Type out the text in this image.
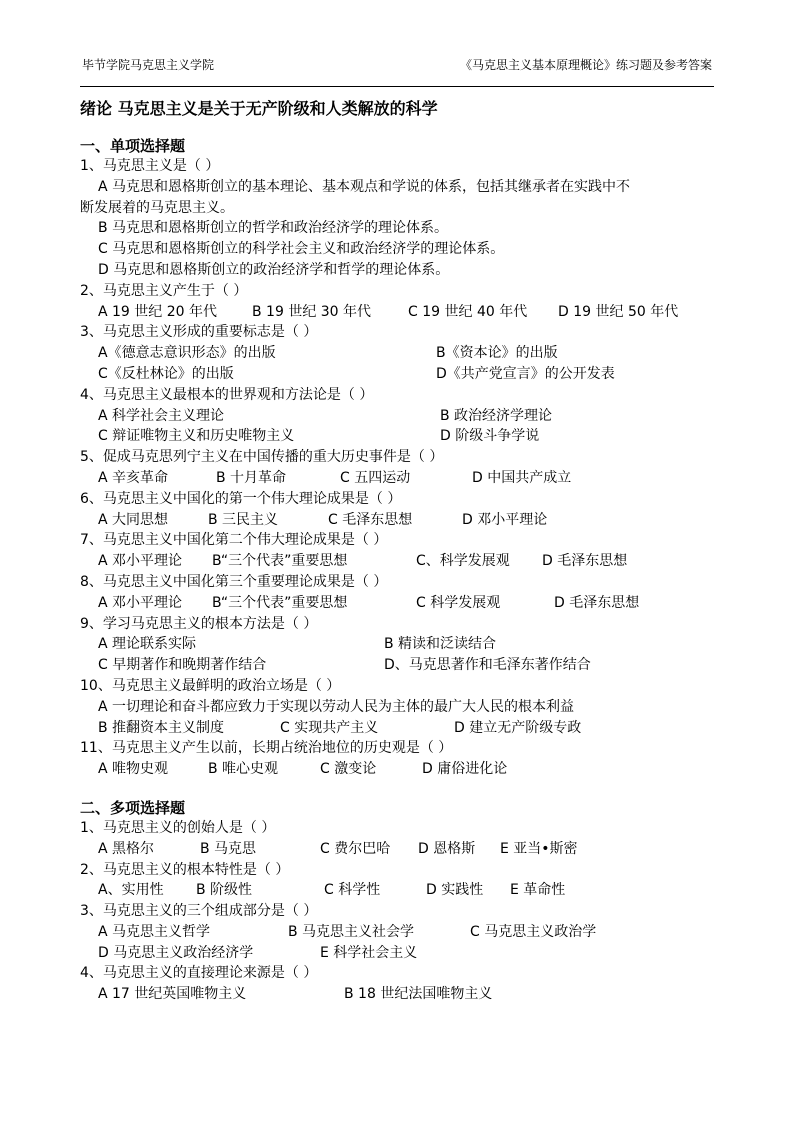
毕节学院马克思主义学院	《马克思主义基本原理概论》练习题及参考答案
绪论 马克思主义是关于无产阶级和人类解放的科学
一、单项选择题
1、马克思主义是（ ）
A 马克思和恩格斯创立的基本理论、基本观点和学说的体系，包括其继承者在实践中不
断发展着的马克思主义。
B 马克思和恩格斯创立的哲学和政治经济学的理论体系。
C 马克思和恩格斯创立的科学社会主义和政治经济学的理论体系。
D 马克思和恩格斯创立的政治经济学和哲学的理论体系。
2、马克思主义产生于（ ）
A 19 世纪 20 年代 B 19 世纪 30 年代	C 19 世纪 40 年代 D 19 世纪 50 年代
3、马克思主义形成的重要标志是（ ）
A《德意志意识形态》的出版	B《资本论》的出版
C《反杜林论》的出版	D《共产党宣言》的公开发表
4、马克思主义最根本的世界观和方法论是（ ）
A 科学社会主义理论	B 政治经济学理论
C 辩证唯物主义和历史唯物主义	D 阶级斗争学说
5、促成马克思列宁主义在中国传播的重大历史事件是（ ）
A 辛亥革命	B 十月革命	C 五四运动	D 中国共产成立
6、马克思主义中国化的第一个伟大理论成果是（ ）
A 大同思想	B 三民主义	C 毛泽东思想	D 邓小平理论
7、马克思主义中国化第二个伟大理论成果是（ ）
A 邓小平理论 B“三个代表”重要思想	C、科学发展观 D 毛泽东思想
8、马克思主义中国化第三个重要理论成果是（ ）
A 邓小平理论 B“三个代表”重要思想	C 科学发展观	D 毛泽东思想
9、学习马克思主义的根本方法是（ ）
A 理论联系实际	B 精读和泛读结合
C 早期著作和晚期著作结合	D、马克思著作和毛泽东著作结合
10、马克思主义最鲜明的政治立场是（ ）
A 一切理论和奋斗都应致力于实现以劳动人民为主体的最广大人民的根本利益
B 推翻资本主义制度	C 实现共产主义	D 建立无产阶级专政
11、马克思主义产生以前，长期占统治地位的历史观是（ ）
A 唯物史观	B 唯心史观	C 激变论	D 庸俗进化论
二、多项选择题
1、马克思主义的创始人是（ ）
A 黑格尔	B 马克思	C 费尔巴哈 D 恩格斯 E 亚当•斯密
2、马克思主义的根本特性是（ ）
A、实用性 B 阶级性	C 科学性	D 实践性 E 革命性
3、马克思主义的三个组成部分是（ ）
A 马克思主义哲学	B 马克思主义社会学	C 马克思主义政治学
D 马克思主义政治经济学	E 科学社会主义
4、马克思主义的直接理论来源是（ ）
A 17 世纪英国唯物主义	B 18 世纪法国唯物主义
